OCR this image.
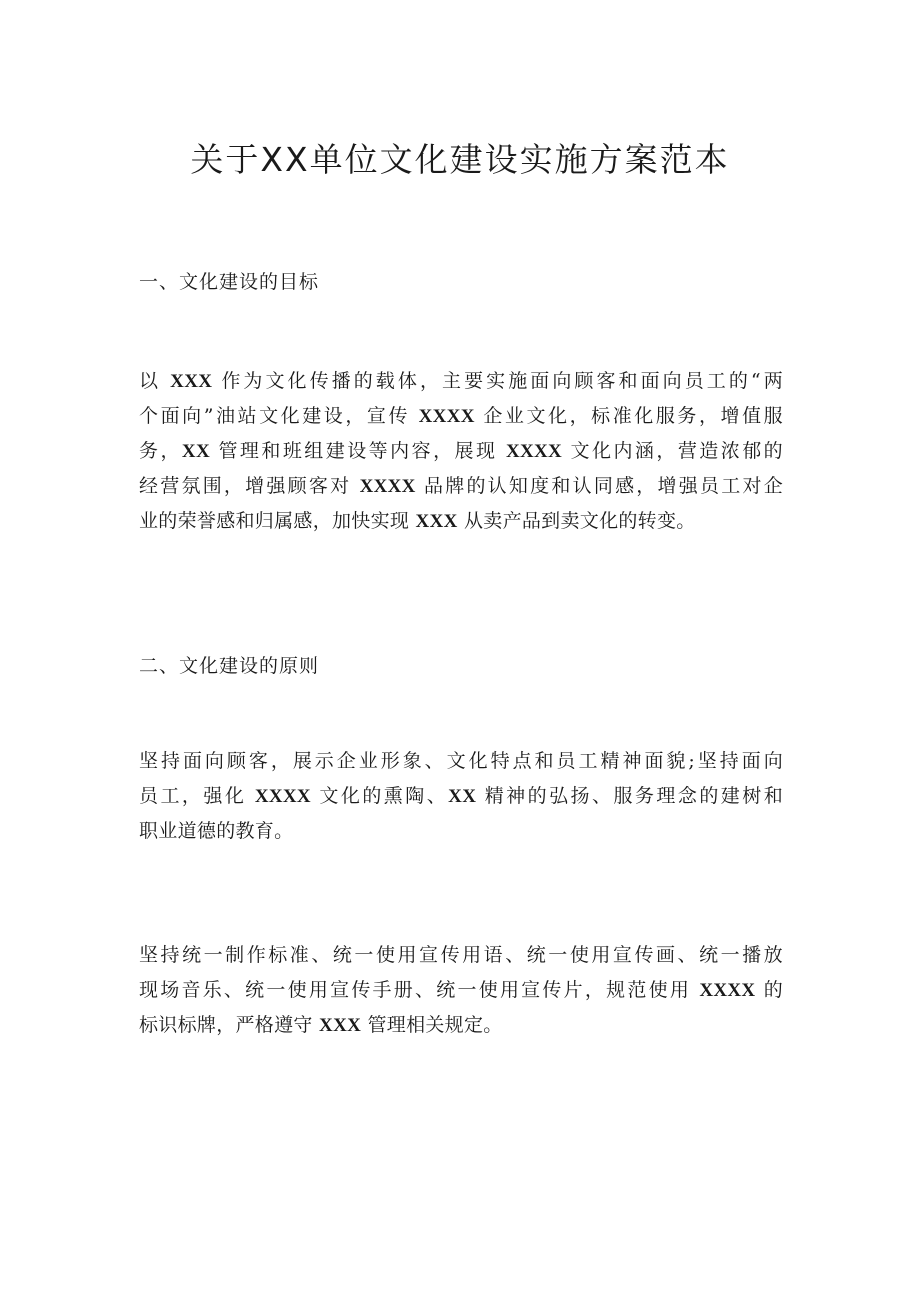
关于XX单位文化建设实施方案范本
一、文化建设的目标
以 XXX 作为文化传播的载体，主要实施面向顾客和面向员工的“两
个面向”油站文化建设，宣传 XXXX 企业文化，标准化服务，增值服
务，XX 管理和班组建设等内容，展现 XXXX 文化内涵，营造浓郁的
经营氛围，增强顾客对 XXXX 品牌的认知度和认同感，增强员工对企
业的荣誉感和归属感，加快实现 XXX 从卖产品到卖文化的转变。
二、文化建设的原则
坚持面向顾客，展示企业形象、文化特点和员工精神面貌;坚持面向
员工，强化 XXXX 文化的熏陶、XX 精神的弘扬、服务理念的建树和
职业道德的教育。
坚持统一制作标准、统一使用宣传用语、统一使用宣传画、统一播放
现场音乐、统一使用宣传手册、统一使用宣传片，规范使用 XXXX 的
标识标牌，严格遵守 XXX 管理相关规定。
